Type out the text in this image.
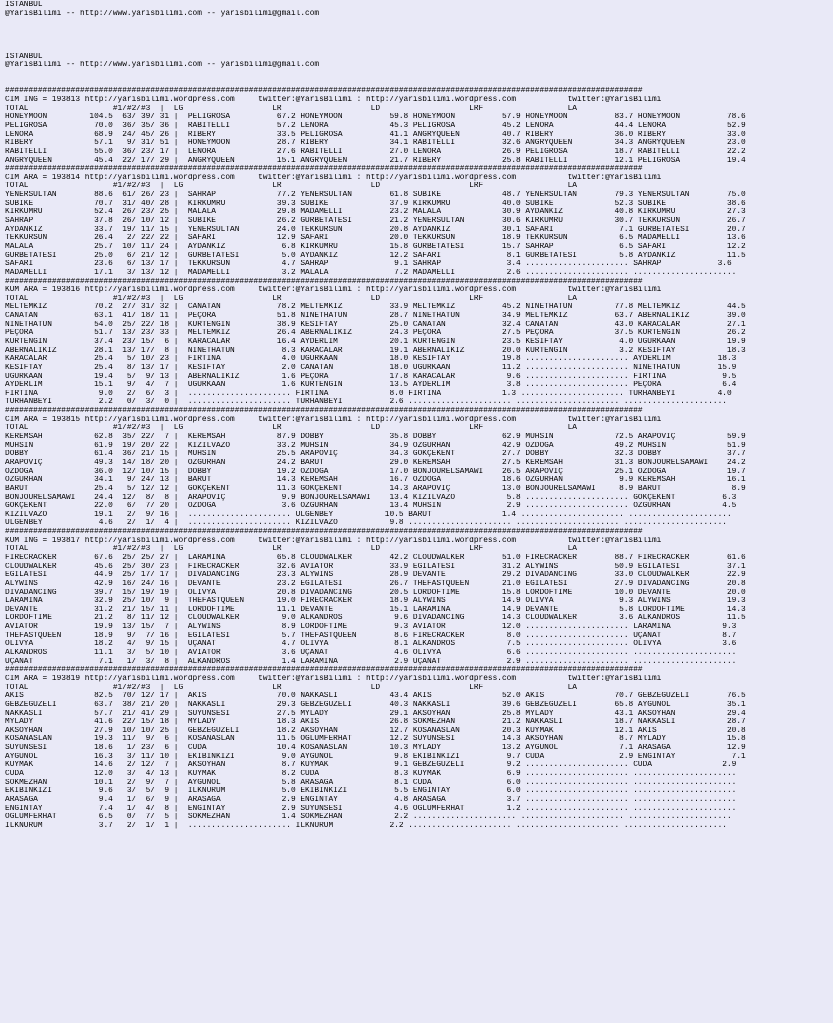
ISTANBUL
@YarisBilimi -- http://www.yarisbilimi.com -- yarisbilimi@gmail.com
ISTANBUL
@YarisBilimi -- http://www.yarisbilimi.com -- yarisbilimi@gmail.com
########################################################################################################################################
CIM ING = 193813 http://yarisbilimi.wordpress.com     twitter:@YarisBilimi : http://yarisbilimi.wordpress.com           twitter:@YarisBilimi
TOTAL                  #1/#2/#3  |  LG                   LR                   LD                   LRF                  LA
HONEYMOON         104.5  63/ 39/ 31 |  PELIGROSA          67.2 HONEYMOON          59.8 HONEYMOON          57.9 HONEYMOON          83.7 HONEYMOON          78.6
PELIGROSA          70.0  36/ 35/ 36 |  RABITELLI          57.2 LENORA             45.3 PELIGROSA          45.2 LENORA             44.4 LENORA             52.9
LENORA             68.9  24/ 45/ 26 |  RIBERY             33.5 PELIGROSA          41.1 ANGRYQUEEN         40.7 RIBERY             36.0 RIBERY             33.0
RIBERY             57.1   9/ 31/ 51 |  HONEYMOON          28.7 RIBERY             34.1 RABITELLI          32.6 ANGRYQUEEN         34.3 ANGRYQUEEN         23.0
RABITELLI          55.0  36/ 23/ 17 |  LENORA             27.6 RABITELLI          27.0 LENORA             26.9 PELIGROSA          18.7 RABITELLI          22.2
ANGRYQUEEN         45.4  22/ 17/ 29 |  ANGRYQUEEN         15.1 ANGRYQUEEN         21.7 RIBERY             25.8 RABITELLI          12.1 PELIGROSA          19.4
########################################################################################################################################
CIM ARA = 193814 http://yarisbilimi.wordpress.com     twitter:@YarisBilimi : http://yarisbilimi.wordpress.com           twitter:@YarisBilimi
TOTAL                  #1/#2/#3  |  LG                   LR                   LD                   LRF                  LA
YENERSULTAN        88.6  61/ 26/ 23 |  SAHRAP             77.2 YENERSULTAN        61.8 SUBIKE             48.7 YENERSULTAN        79.3 YENERSULTAN        75.0
SUBIKE             70.7  31/ 40/ 28 |  KIRKUMRU           39.3 SUBIKE             37.9 KIRKUMRU           40.0 SUBIKE             52.3 SUBIKE             38.6
KIRKUMRU           52.4  26/ 23/ 25 |  MALALA             29.8 MADAMELLI          23.2 MALALA             30.9 AYDANKIZ           40.8 KIRKUMRU           27.3
SAHRAP             37.8  26/ 10/ 12 |  SUBIKE             26.2 GURBETATESI        21.2 YENERSULTAN        30.6 KIRKUMRU           30.7 TEKKURSUN          26.7
AYDANKIZ           33.7  19/ 11/ 15 |  YENERSULTAN        24.0 TEKKURSUN          20.8 AYDANKIZ           30.1 SAFARI              7.1 GURBETATESI        20.7
TEKKURSUN          26.4   2/ 22/ 22 |  SAFARI             12.9 SAFARI             20.0 TEKKURSUN          18.9 TEKKURSUN           6.5 MADAMELLI          13.6
MALALA             25.7  10/ 11/ 24 |  AYDANKIZ            6.8 KIRKUMRU           15.8 GURBETATESI        15.7 SAHRAP              6.5 SAFARI             12.2
GURBETATESI        25.0   6/ 21/ 12 |  GURBETATESI         5.0 AYDANKIZ           12.2 SAFARI              8.1 GURBETATESI         5.8 AYDANKIZ           11.5
SAFARI             23.6   6/ 13/ 17 |  TEKKURSUN           4.7 SAHRAP              9.1 SAHRAP              3.4 ...................... SAHRAP            3.6
MADAMELLI          17.1   3/ 13/ 12 |  MADAMELLI           3.2 MALALA              7.2 MADAMELLI           2.6 ...................... ......................
########################################################################################################################################
KUM ARA = 193816 http://yarisbilimi.wordpress.com     twitter:@YarisBilimi : http://yarisbilimi.wordpress.com           twitter:@YarisBilimi
TOTAL                  #1/#2/#3  |  LG                   LR                   LD                   LRF                  LA
MELTEMKIZ          70.2  27/ 31/ 32 |  CANATAN            78.2 MELTEMKIZ          33.9 MELTEMKIZ          45.2 NINETHATUN         77.8 MELTEMKIZ          44.5
CANATAN            63.1  41/ 18/ 11 |  PEÇORA             51.8 NINETHATUN         28.7 NINETHATUN         34.9 MELTEMKIZ          63.7 ABERNALIKIZ        39.0
NINETHATUN         54.0  25/ 22/ 18 |  KURTENGIN          38.9 KESIFTAY           25.0 CANATAN            32.4 CANATAN            43.0 KARACALAR          27.1
PEÇORA             51.7  13/ 23/ 33 |  MELTEMKIZ          26.4 ABERNALIKIZ        24.3 PEÇORA             27.5 PEÇORA             37.5 KURTENGIN          26.2
KURTENGIN          37.4  23/ 15/  6 |  KARACALAR          16.4 AYDERLIM           20.1 KURTENGIN          23.5 KESIFTAY            4.0 UGURKAAN           19.9
ABERNALIKIZ        28.1  13/ 17/  8 |  NINETHATUN          8.3 KARACALAR          19.1 ABERNALIKIZ        20.0 KURTENGIN           3.2 KESIFTAY           18.3
KARACALAR          25.4   5/ 10/ 23 |  FIRTINA             4.0 UGURKAAN           18.0 KESIFTAY           19.8 ...................... AYDERLIM          18.3
KESIFTAY           25.4   8/ 13/ 17 |  KESIFTAY            2.0 CANATAN            18.0 UGURKAAN           11.2 ...................... NINETHATUN        15.9
UGURKAAN           19.4   5/  9/ 13 |  ABERNALIKIZ         1.6 PEÇORA             17.8 KARACALAR           9.6 ...................... FIRTINA            9.5
AYDERLIM           15.1   9/  4/  7 |  UGURKAAN            1.6 KURTENGIN          13.5 AYDERLIM            3.8 ...................... PEÇORA             6.4
FIRTINA             9.0   2/  6/  3 |  ...................... FIRTINA             8.0 FIRTINA             1.3 ...................... TURHANBEYI         4.0
TURHANBEYI          2.2   0/  3/  0 |  ...................... TURHANBEYI          2.6 ...................... ...................... ......................
########################################################################################################################################
CIM ARA = 193815 http://yarisbilimi.wordpress.com     twitter:@YarisBilimi : http://yarisbilimi.wordpress.com           twitter:@YarisBilimi
TOTAL                  #1/#2/#3  |  LG                   LR                   LD                   LRF                  LA
KEREMSAH           62.8  35/ 22/  7 |  KEREMSAH           87.9 DOBBY              35.8 DOBBY              62.9 MUHSIN             72.5 ARAPOVIÇ           59.9
MUHSIN             61.9  19/ 20/ 22 |  KIZILVAZO          33.2 MUHSIN             34.9 ÖZGÜRHAN           42.9 ÖZDOGA             49.2 MUHSIN             51.9
DOBBY              61.4  36/ 21/ 15 |  MUHSIN             25.5 ARAPOVIÇ           34.3 GÖKÇEKENT          27.7 DOBBY              32.3 DOBBY              37.7
ARAPOVIÇ           49.3  14/ 18/ 20 |  ÖZGÜRHAN           24.2 BARUT              29.0 KEREMSAH           27.5 KEREMSAH           31.3 BONJOURELSAMAWI    24.2
ÖZDOGA             36.0  12/ 10/ 15 |  DOBBY              19.2 ÖZDOGA             17.0 BONJOURELSAMAWI    26.5 ARAPOVIÇ           25.1 ÖZDOGA             19.7
ÖZGÜRHAN           34.1   9/ 24/ 13 |  BARUT              14.3 KEREMSAH           16.7 ÖZDOGA             18.6 ÖZGÜRHAN            9.9 KEREMSAH           16.1
BARUT              25.4   5/ 12/ 12 |  GÖKÇEKENT          11.3 GÖKÇEKENT          14.3 ARAPOVIÇ           13.0 BONJOURELSAMAWI     8.9 BARUT               8.9
BONJOURELSAMAWI    24.4  12/  8/  8 |  ARAPOVIÇ            9.9 BONJOURELSAMAWI    13.4 KIZILVAZO           5.8 ...................... GÖKÇEKENT          6.3
GÖKÇEKENT          22.0   6/  7/ 20 |  ÖZDOGA              3.6 ÖZGÜRHAN           13.4 MUHSIN              2.9 ...................... ÖZGÜRHAN           4.5
KIZILVAZO          19.1   2/  9/ 16 |  ...................... ÜLGENBEY           10.5 BARUT               1.4 ...................... ......................
ÜLGENBEY            4.6   2/  1/  4 |  ...................... KIZILVAZO           9.8 ...................... ...................... ......................
########################################################################################################################################
KUM ING = 193817 http://yarisbilimi.wordpress.com     twitter:@YarisBilimi : http://yarisbilimi.wordpress.com           twitter:@YarisBilimi
TOTAL                  #1/#2/#3  |  LG                   LR                   LD                   LRF                  LA
FIRECRACKER        67.6  25/ 25/ 27 |  LARAMINA           65.8 CLOUDWALKER        42.2 CLOUDWALKER        51.0 FIRECRACKER        88.7 FIRECRACKER        61.6
CLOUDWALKER        45.6  25/ 30/ 23 |  FIRECRACKER        32.6 AVIATOR            33.9 EGILATESI          31.2 ALYWINS            50.9 EGILATESI          37.1
EGILATESI          44.9  25/ 17/ 17 |  DIVADANCING        23.3 ALYWINS            28.9 DEVANTE            29.2 DIVADANCING        33.0 CLOUDWALKER        22.9
ALYWINS            42.9  16/ 24/ 16 |  DEVANTE            23.2 EGILATESI          26.7 THEFASTQUEEN       21.0 EGILATESI          27.9 DIVADANCING        20.8
DIVADANCING        39.7  15/ 19/ 19 |  OLIVYA             20.8 DIVADANCING        20.5 LORDOFTIME         15.8 LORDOFTIME         10.0 DEVANTE            20.0
LARAMINA           32.9  25/ 10/  9 |  THEFASTQUEEN       19.0 FIRECRACKER        18.9 ALYWINS            14.9 OLIVYA              9.3 ALYWINS            19.3
DEVANTE            31.2  21/ 15/ 11 |  LORDOFTIME         11.1 DEVANTE            15.1 LARAMINA           14.9 DEVANTE             5.8 LORDOFTIME         14.3
LORDOFTIME         21.2   8/ 11/ 12 |  CLOUDWALKER         9.0 ALKANDROS           9.6 DIVADANCING        14.3 CLOUDWALKER         3.6 ALKANDROS          11.5
AVIATOR            19.9  13/ 15/  7 |  ALYWINS             8.9 LORDOFTIME          9.3 AVIATOR            12.0 ...................... LARAMINA           9.3
THEFASTQUEEN       18.9   9/  7/ 16 |  EGILATESI           5.7 THEFASTQUEEN        8.6 FIRECRACKER         8.0 ...................... UÇANAT             8.7
OLIVYA             18.2   4/  9/ 15 |  UÇANAT              4.7 OLIVYA              8.1 ALKANDROS           7.5 ...................... OLIVYA             3.6
ALKANDROS          11.1   3/  5/ 10 |  AVIATOR             3.6 UÇANAT              4.6 OLIVYA              6.6 ...................... ......................
UÇANAT              7.1   1/  3/  8 |  ALKANDROS           1.4 LARAMINA            2.9 UÇANAT              2.9 ...................... ......................
########################################################################################################################################
CIM ARA = 193819 http://yarisbilimi.wordpress.com     twitter:@YarisBilimi : http://yarisbilimi.wordpress.com           twitter:@YarisBilimi
TOTAL                  #1/#2/#3  |  LG                   LR                   LD                   LRF                  LA
AKIS               82.5  70/ 12/ 17 |  AKIS               70.0 NAKKASLI           43.4 AKIS               52.0 AKIS               70.7 GEBZEGÜZELI        76.5
GEBZEGÜZELI        63.7  38/ 21/ 20 |  NAKKASLI           29.3 GEBZEGÜZELI        40.3 NAKKASLI           39.6 GEBZEGÜZELI        65.8 AYGÜNÖL            35.1
NAKKASLI           57.7  21/ 41/ 29 |  SUYUNSESI          27.5 MYLADY             29.1 AKSOYHAN           25.8 MYLADY             43.1 AKSOYHAN           29.4
MYLADY             41.6  22/ 15/ 18 |  MYLADY             18.3 AKIS               26.8 SÖKMEZHAN          21.2 NAKKASLI           18.7 NAKKASLI           28.7
AKSOYHAN           27.9  10/ 10/ 25 |  GEBZEGÜZELI        18.2 AKSOYHAN           12.7 KOSANASLAN         20.3 KUYMAK             12.1 AKIS               20.8
KOSANASLAN         19.3  11/  9/  6 |  KOSANASLAN         11.5 OGLUMFERHAT        12.2 SUYUNSESI          14.3 AKSOYHAN            8.7 MYLADY             15.8
SUYUNSESI          18.6   1/ 23/  6 |  CÜDA               10.4 KOSANASLAN         10.3 MYLADY             13.2 AYGÜNÖL             7.1 ARASAGA            12.9
AYGÜNÖL            16.3   3/ 11/ 10 |  EKIBINKIZI          9.0 AYGÜNÖL             9.8 EKIBINKIZI          9.7 CÜDA                2.9 ENGINTAY            7.1
KUYMAK             14.6   2/ 12/  7 |  AKSOYHAN            8.7 KUYMAK              9.1 GEBZEGÜZELI         9.2 ...................... CÜDA               2.9
CÜDA               12.0   3/  4/ 13 |  KUYMAK              8.2 CÜDA                8.3 KUYMAK              6.9 ...................... ......................
SÖKMEZHAN          10.1   2/  9/  7 |  AYGÜNÖL             5.8 ARASAGA             8.1 CÜDA                6.0 ...................... ......................
EKIBINKIZI          9.6   3/  5/  9 |  ILKNURUM            5.0 EKIBINKIZI          5.5 ENGINTAY            6.0 ...................... ......................
ARASAGA             9.4   1/  6/  9 |  ARASAGA             2.9 ENGINTAY            4.8 ARASAGA             3.7 ...................... ......................
ENGINTAY            7.4   1/  4/  8 |  ENGINTAY            2.9 SUYUNSESI           4.6 OGLUMFERHAT         1.2 ...................... ......................
OGLUMFERHAT         6.5   0/  7/  5 |  SÖKMEZHAN           1.4 SÖKMEZHAN           2.2 ...................... ...................... ......................
ILKNURUM            3.7   2/  1/  1 |  ...................... ILKNURUM            2.2 ...................... ...................... ......................
